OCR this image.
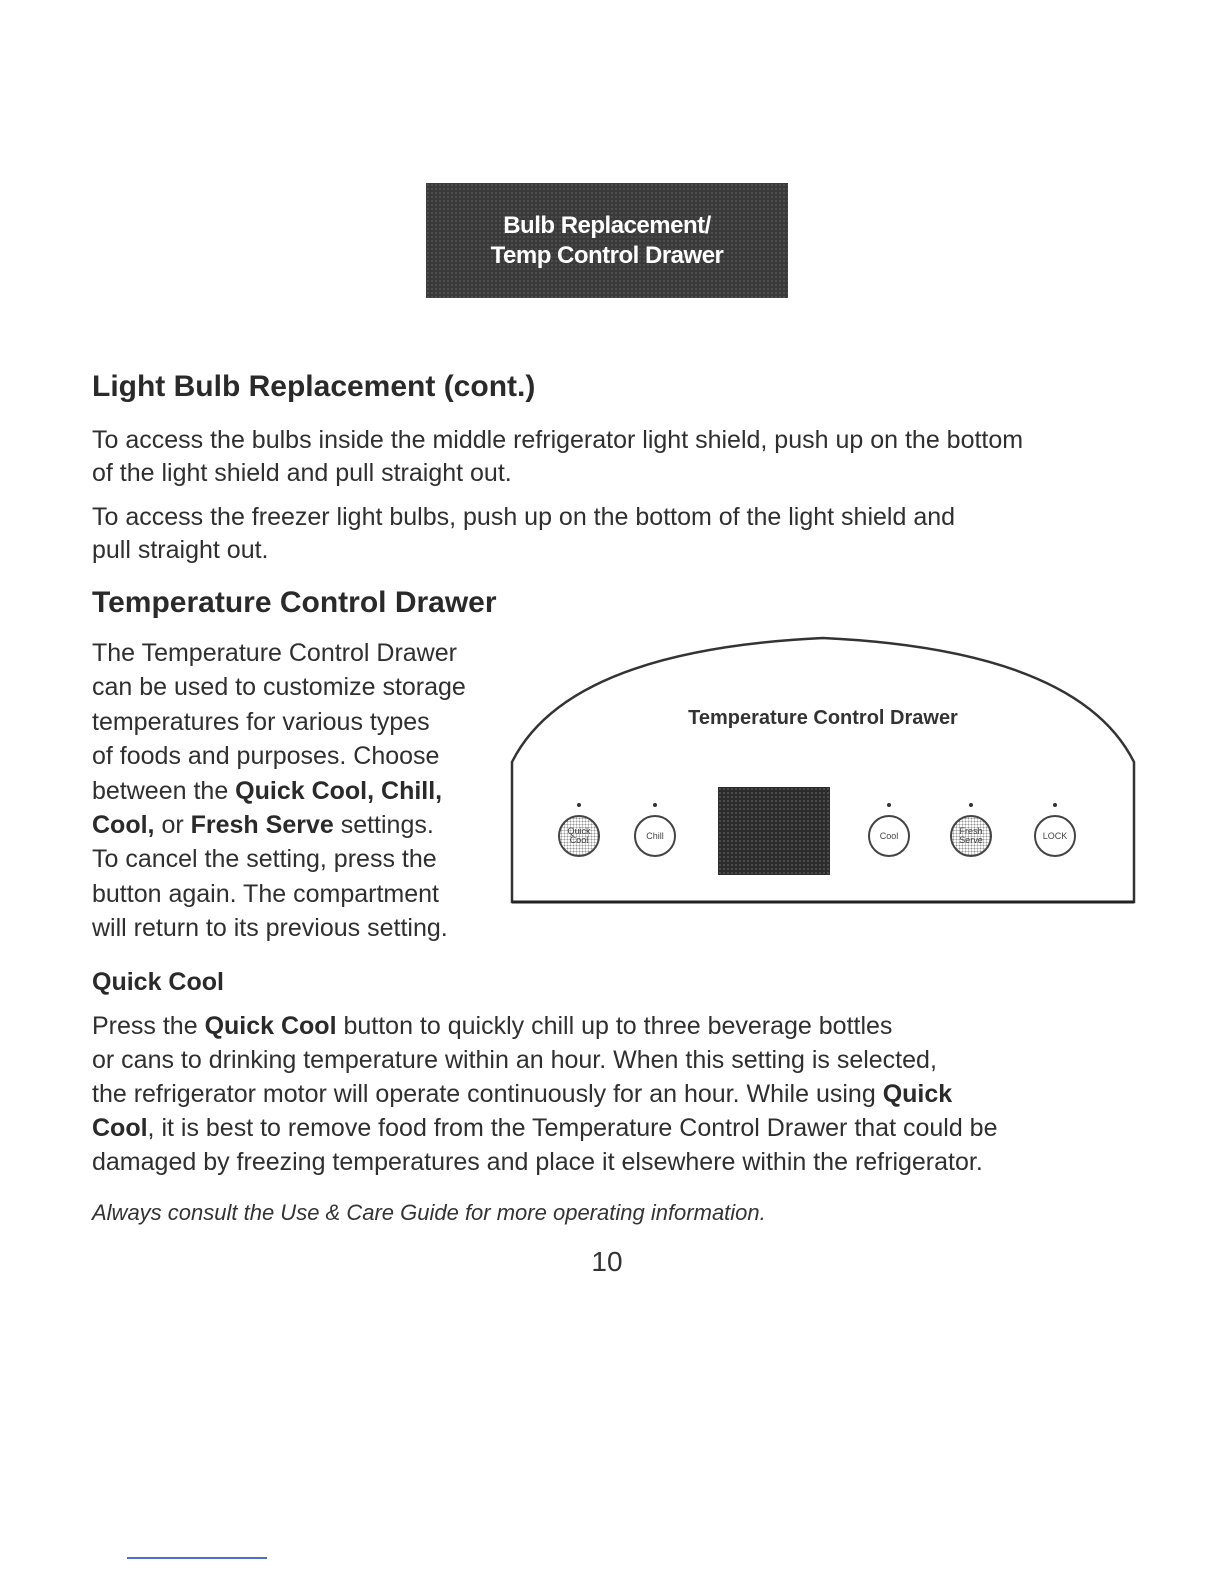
Bulb Replacement/
Temp Control Drawer
Light Bulb Replacement (cont.)

To access the bulbs inside the middle refrigerator light shield, push up on the bottom
of the light shield and pull straight out.

To access the freezer light bulbs, push up on the bottom of the light shield and
pull straight out.

Temperature Control Drawer

The Temperature Control Drawer
can be used to customize storage
temperatures for various types
of foods and purposes. Choose
between the Quick Cool, Chill,
Cool, or Fresh Serve settings.
To cancel the setting, press the
button again. The compartment
will return to its previous setting.

Temperature Control Drawer

Quick Cool	Chill	Cool	Fresh Serve	LOCK
Quick Cool

Press the Quick Cool button to quickly chill up to three beverage bottles
or cans to drinking temperature within an hour. When this setting is selected,
the refrigerator motor will operate continuously for an hour. While using Quick
Cool, it is best to remove food from the Temperature Control Drawer that could be
damaged by freezing temperatures and place it elsewhere within the refrigerator.

Always consult the Use & Care Guide for more operating information.

10
